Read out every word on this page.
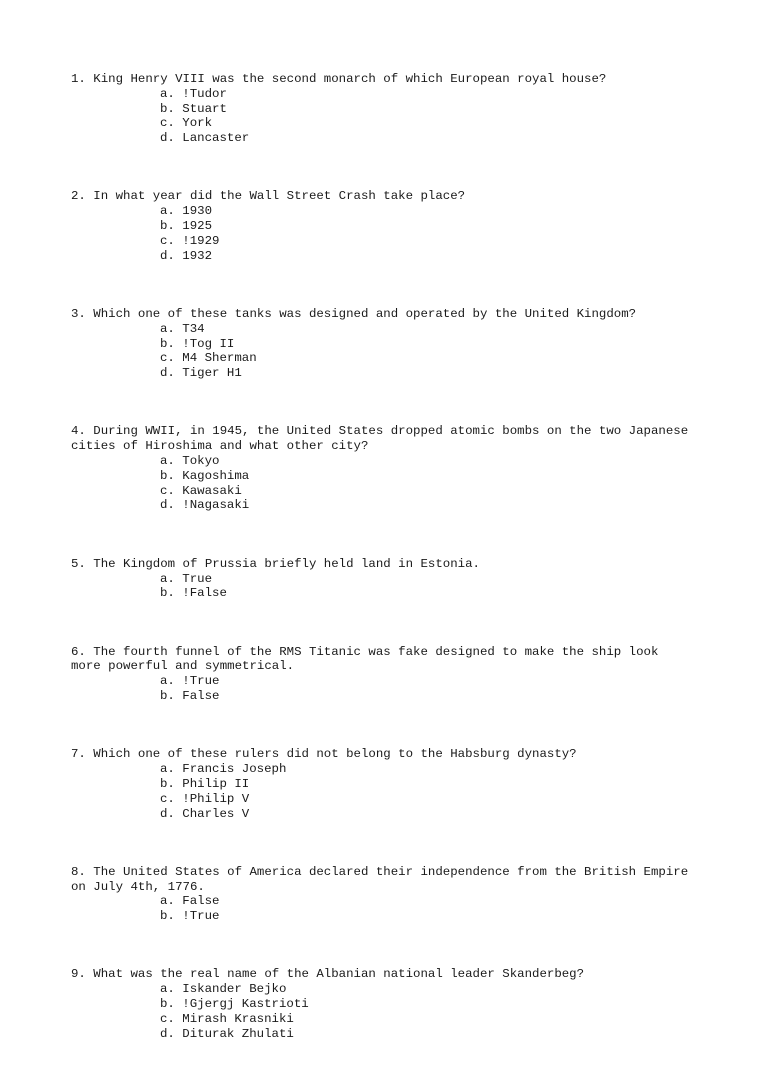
1. King Henry VIII was the second monarch of which European royal house?

a. !Tudor
b. Stuart
c. York
d. Lancaster

2. In what year did the Wall Street Crash take place?

a. 1930
b. 1925
c. !1929
d. 1932

3. Which one of these tanks was designed and operated by the United Kingdom?

a. T34
b. !Tog II
c. M4 Sherman
d. Tiger H1

4. During WWII, in 1945, the United States dropped atomic bombs on the two Japanese
cities of Hiroshima and what other city?

a. Tokyo
b. Kagoshima
c. Kawasaki
d. !Nagasaki

5. The Kingdom of Prussia briefly held land in Estonia.

a. True
b. !False

6. The fourth funnel of the RMS Titanic was fake designed to make the ship look
more powerful and symmetrical.

a. !True
b. False

7. Which one of these rulers did not belong to the Habsburg dynasty?

a. Francis Joseph
b. Philip II
c. !Philip V
d. Charles V

8. The United States of America declared their independence from the British Empire
on July 4th, 1776.

a. False
b. !True

9. What was the real name of the Albanian national leader Skanderbeg?

a. Iskander Bejko
b. !Gjergj Kastrioti
c. Mirash Krasniki
d. Diturak Zhulati
